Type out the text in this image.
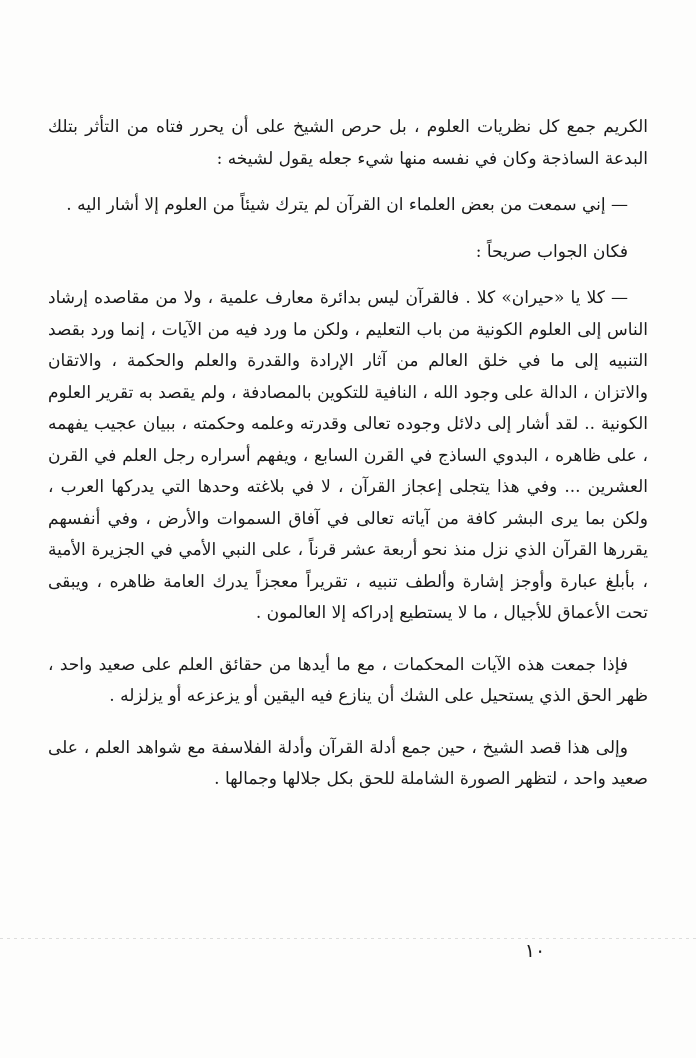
الكريم جمع كل نظريات العلوم ، بل حرص الشيخ على أن يحرر فتاه من التأثر بتلك البدعة الساذجة وكان في نفسه منها شيء جعله يقول لشيخه :

— إني سمعت من بعض العلماء ان القرآن لم يترك شيئاً من العلوم إلا أشار اليه .

فكان الجواب صريحاً :

— كلا يا «حيران» كلا . فالقرآن ليس بدائرة معارف علمية ، ولا من مقاصده إرشاد الناس إلى العلوم الكونية من باب التعليم ، ولكن ما ورد فيه من الآيات ، إنما ورد بقصد التنبيه إلى ما في خلق العالم من آثار الإرادة والقدرة والعلم والحكمة ، والاتقان والاتزان ، الدالة على وجود الله ، النافية للتكوين بالمصادفة ، ولم يقصد به تقرير العلوم الكونية .. لقد أشار إلى دلائل وجوده تعالى وقدرته وعلمه وحكمته ، ببيان عجيب يفهمه ، على ظاهره ، البدوي الساذج في القرن السابع ، ويفهم أسراره رجل العلم في القرن العشرين ... وفي هذا يتجلى إعجاز القرآن ، لا في بلاغته وحدها التي يدركها العرب ، ولكن بما يرى البشر كافة من آياته تعالى في آفاق السموات والأرض ، وفي أنفسهم يقررها القرآن الذي نزل منذ نحو أربعة عشر قرناً ، على النبي الأمي في الجزيرة الأمية ، بأبلغ عبارة وأوجز إشارة وألطف تنبيه ، تقريراً معجزاً يدرك العامة ظاهره ، ويبقى تحت الأعماق للأجيال ، ما لا يستطيع إدراكه إلا العالمون .

فإذا جمعت هذه الآيات المحكمات ، مع ما أيدها من حقائق العلم على صعيد واحد ، ظهر الحق الذي يستحيل على الشك أن ينازع فيه اليقين أو يزعزعه أو يزلزله .

وإلى هذا قصد الشيخ ، حين جمع أدلة القرآن وأدلة الفلاسفة مع شواهد العلم ، على صعيد واحد ، لتظهر الصورة الشاملة للحق بكل جلالها وجمالها .

١٠
